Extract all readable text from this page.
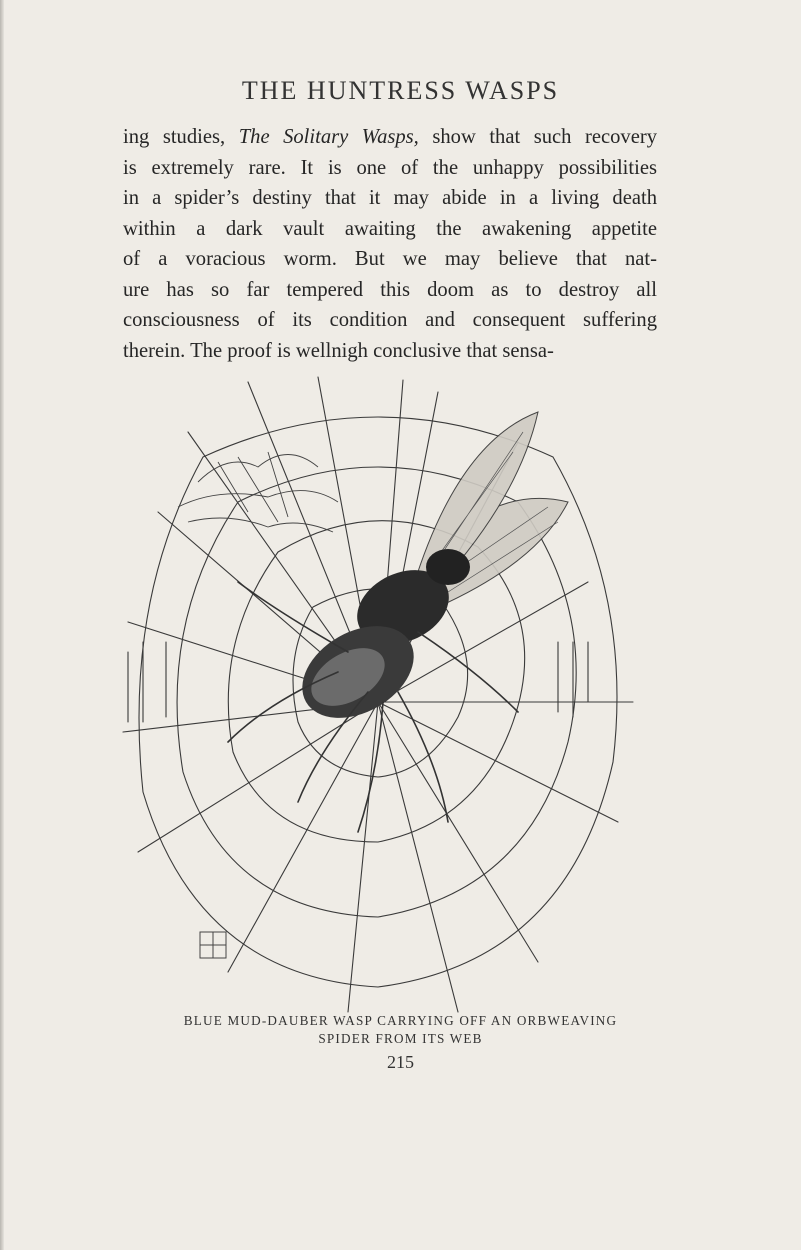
THE HUNTRESS WASPS
ing studies, The Solitary Wasps, show that such recovery
is extremely rare. It is one of the unhappy possibilities
in a spider’s destiny that it may abide in a living death
within a dark vault awaiting the awakening appetite
of a voracious worm. But we may believe that nat-
ure has so far tempered this doom as to destroy all
consciousness of its condition and consequent suffering
therein. The proof is wellnigh conclusive that sensa-
BLUE MUD-DAUBER WASP CARRYING OFF AN ORBWEAVING
SPIDER FROM ITS WEB
215
